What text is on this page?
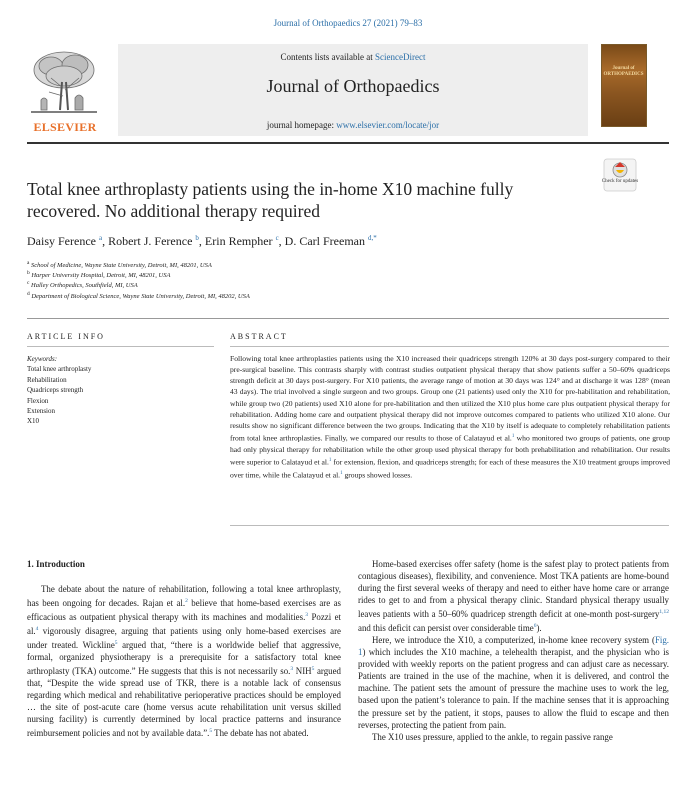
Journal of Orthopaedics 27 (2021) 79–83
ELSEVIER
Contents lists available at ScienceDirect
Journal of Orthopaedics
journal homepage: www.elsevier.com/locate/jor
Journal of ORTHOPAEDICS
Check for updates
Total knee arthroplasty patients using the in-home X10 machine fully recovered. No additional therapy required
Daisy Ference $^a$, Robert J. Ference $^b$, Erin Rempher $^c$, D. Carl Freeman $^{d,*}$
$^a$ School of Medicine, Wayne State University, Detroit, MI, 48201, USA
$^b$ Harper University Hospital, Detroit, MI, 48201, USA
$^c$ Halley Orthopedics, Southfield, MI, USA
$^d$ Department of Biological Science, Wayne State University, Detroit, MI, 48202, USA
ARTICLE INFO	ABSTRACT
Keywords:
Total knee arthroplasty
Rehabilitation
Quadriceps strength
Flexion
Extension
X10
Following total knee arthroplasties patients using the X10 increased their quadriceps strength 120% at 30 days post-surgery compared to their pre-surgical baseline. This contrasts sharply with contrast studies outpatient physical therapy that show patients suffer a 50–60% quadriceps strength deficit at 30 days post-surgery. For X10 patients, the average range of motion at 30 days was 124° and at discharge it was 128° (mean 43 days). The trial involved a single surgeon and two groups. Group one (21 patients) used only the X10 for pre-habilitation and rehabilitation, while group two (20 patients) used X10 alone for pre-habilitation and then utilized the X10 plus home care plus outpatient physical therapy for rehabilitation. Adding home care and outpatient physical therapy did not improve outcomes compared to patients who utilized X10 alone. Our results show no significant difference between the two groups. Indicating that the X10 by itself is adequate to completely rehabilitation patients from total knee arthroplasties. Finally, we compared our results to those of Calatayud et al.$^1$ who monitored two groups of patients, one group had only physical therapy for rehabilitation while the other group used physical therapy for both prehabilitation and rehabilitation. Our results were superior to Calatayud et al.$^1$ for extension, flexion, and quadriceps strength; for each of these measures the X10 treatment groups improved over time, while the Calatayud et al.$^1$ groups showed losses.
1. Introduction

The debate about the nature of rehabilitation, following a total knee arthroplasty, has been ongoing for decades. Rajan et al.$^2$ believe that home-based exercises are as efficacious as outpatient physical therapy with its machines and modalities.$^3$ Pozzi et al.$^4$ vigorously disagree, arguing that patients using only home-based exercises are under treated. Wickline$^5$ argued that, “there is a worldwide belief that aggressive, formal, organized physiotherapy is a prerequisite for a satisfactory total knee arthroplasty (TKA) outcome.” He suggests that this is not necessarily so.$^3$ NIH$^5$ argued that, “Despite the wide spread use of TKR, there is a notable lack of consensus regarding which medical and rehabilitative perioperative practices should be employed … the site of post-acute care (home versus acute rehabilitation unit versus skilled nursing facility) is currently determined by local practice patterns and insurance reimbursement policies and not by available data.”.$^5$ The debate has not abated.

Home-based exercises offer safety (home is the safest play to protect patients from contagious diseases), flexibility, and convenience. Most TKA patients are home-bound during the first several weeks of therapy and need to either have home care or arrange rides to get to and from a physical therapy clinic. Standard physical therapy usually leaves patients with a 50–60% quadricep strength deficit at one-month post-surgery$^{1,12}$ and this deficit can persist over considerable time$^6$).

Here, we introduce the X10, a computerized, in-home knee recovery system (Fig. 1) which includes the X10 machine, a telehealth therapist, and the physician who is provided with weekly reports on the patient progress and can adjust care as necessary. Patients are trained in the use of the machine, when it is delivered, and control the machine. The patient sets the amount of pressure the machine uses to work the leg, based upon the patient’s tolerance to pain. If the machine senses that it is approaching the pressure set by the patient, it stops, pauses to allow the fluid to escape and then reverses, protecting the patient from pain.

The X10 uses pressure, applied to the ankle, to regain passive range
